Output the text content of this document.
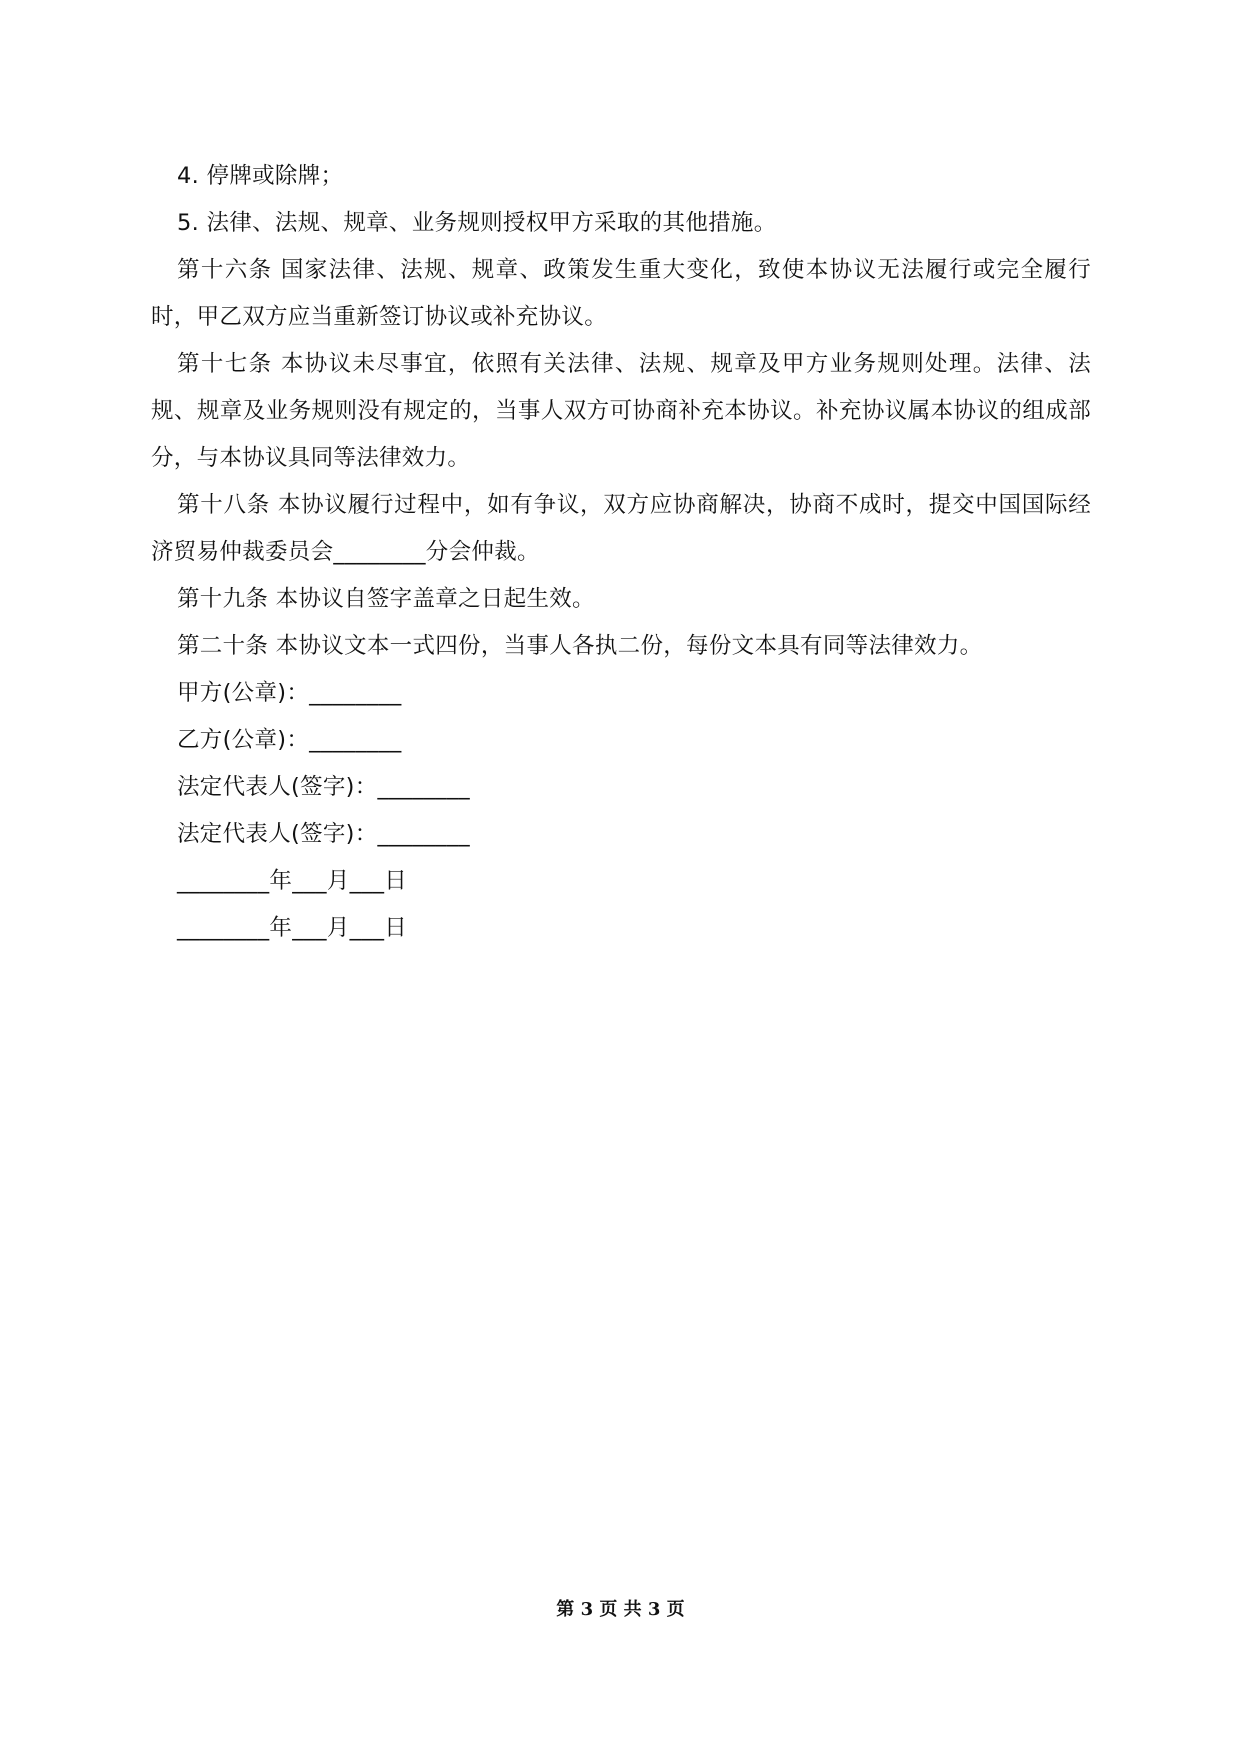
4. 停牌或除牌；

5. 法律、法规、规章、业务规则授权甲方采取的其他措施。

第十六条 国家法律、法规、规章、政策发生重大变化，致使本协议无法履行或完全履行时，甲乙双方应当重新签订协议或补充协议。

第十七条 本协议未尽事宜，依照有关法律、法规、规章及甲方业务规则处理。法律、法规、规章及业务规则没有规定的，当事人双方可协商补充本协议。补充协议属本协议的组成部分，与本协议具同等法律效力。

第十八条 本协议履行过程中，如有争议，双方应协商解决，协商不成时，提交中国国际经济贸易仲裁委员会________分会仲裁。

第十九条 本协议自签字盖章之日起生效。

第二十条 本协议文本一式四份，当事人各执二份，每份文本具有同等法律效力。

甲方(公章)：________

乙方(公章)：________

法定代表人(签字)：________

法定代表人(签字)：________

________年___月___日

________年___月___日

第 3 页 共 3 页
